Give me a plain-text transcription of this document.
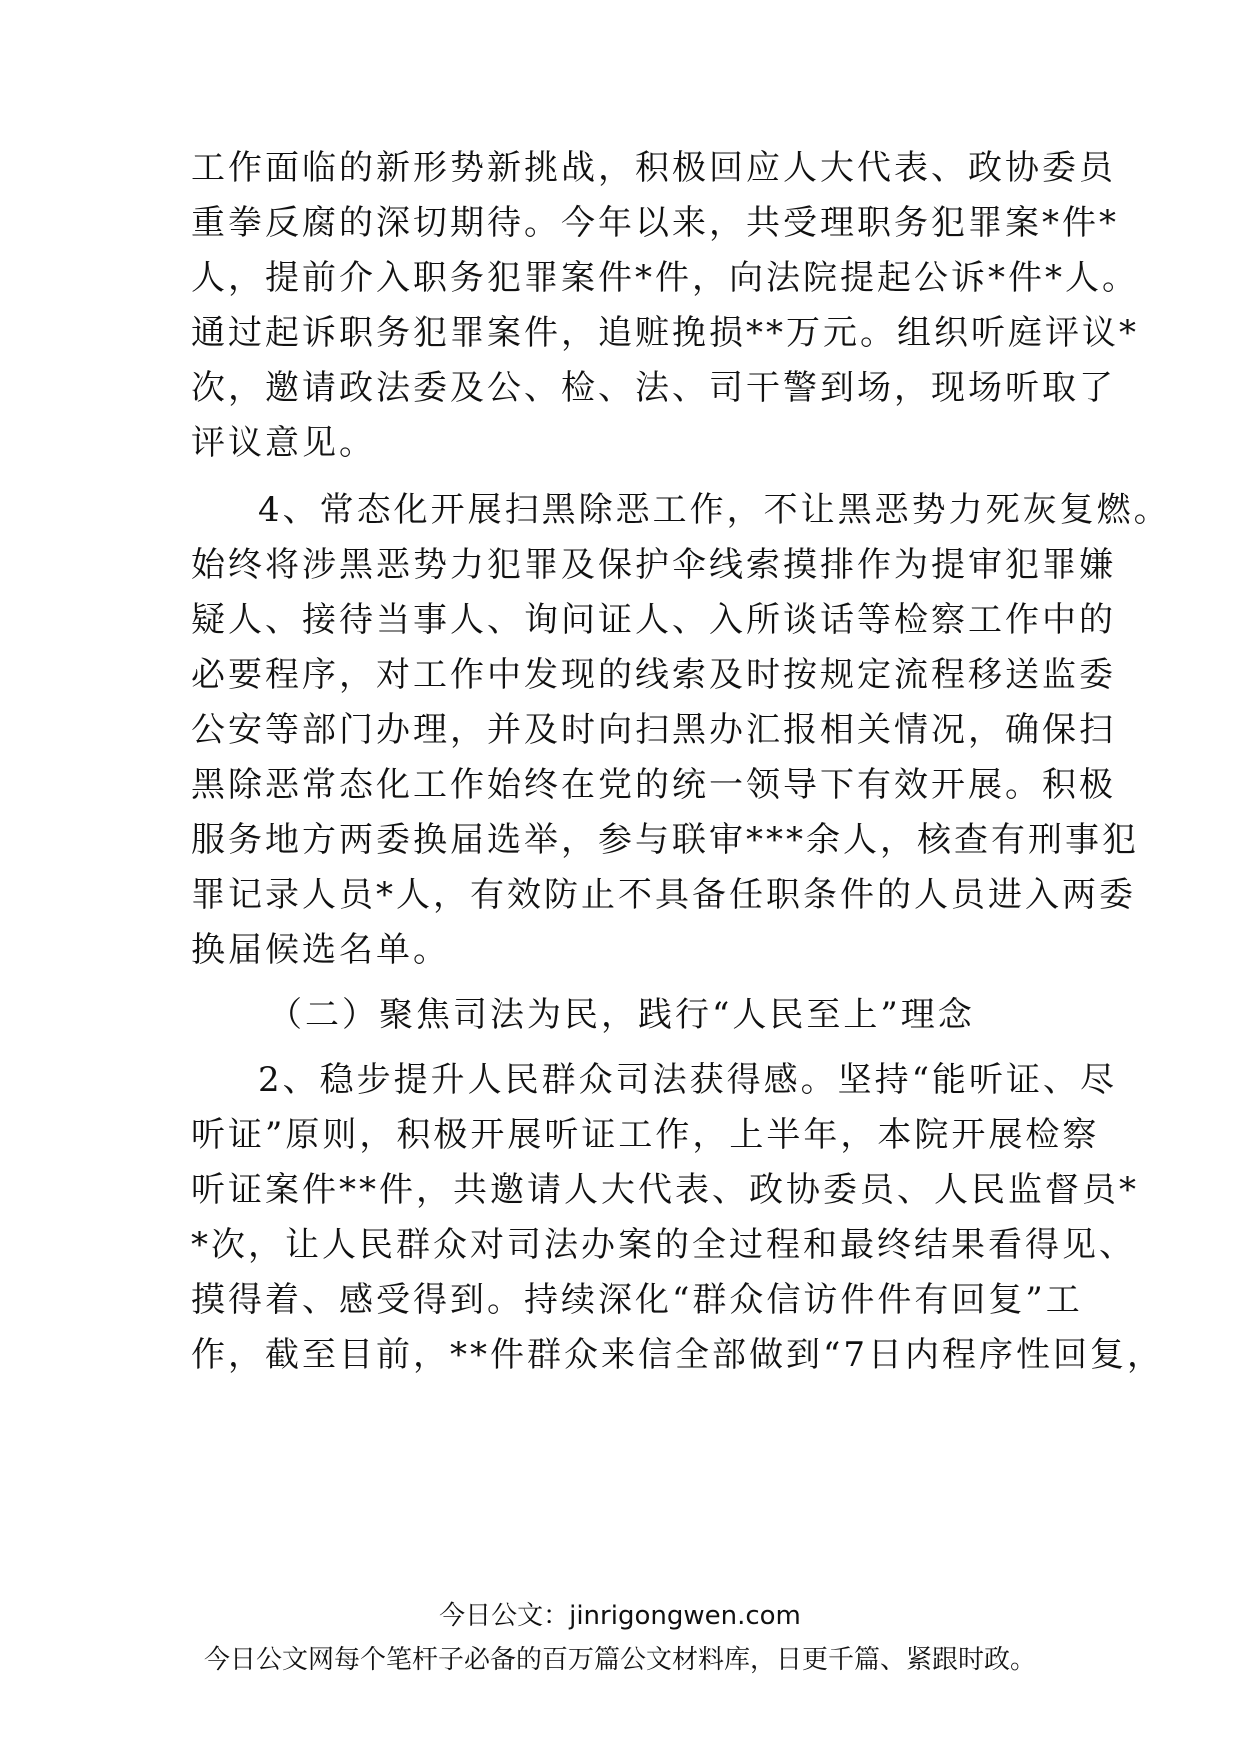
工作面临的新形势新挑战，积极回应人大代表、政协委员
重拳反腐的深切期待。今年以来，共受理职务犯罪案*件*
人，提前介入职务犯罪案件*件，向法院提起公诉*件*人。
通过起诉职务犯罪案件，追赃挽损**万元。组织听庭评议*
次，邀请政法委及公、检、法、司干警到场，现场听取了
评议意见。
4、常态化开展扫黑除恶工作，不让黑恶势力死灰复燃。
始终将涉黑恶势力犯罪及保护伞线索摸排作为提审犯罪嫌
疑人、接待当事人、询问证人、入所谈话等检察工作中的
必要程序，对工作中发现的线索及时按规定流程移送监委
公安等部门办理，并及时向扫黑办汇报相关情况，确保扫
黑除恶常态化工作始终在党的统一领导下有效开展。积极
服务地方两委换届选举，参与联审***余人，核查有刑事犯
罪记录人员*人，有效防止不具备任职条件的人员进入两委
换届候选名单。
（二）聚焦司法为民，践行“人民至上”理念
2、稳步提升人民群众司法获得感。坚持“能听证、尽
听证”原则，积极开展听证工作，上半年，本院开展检察
听证案件**件，共邀请人大代表、政协委员、人民监督员*
*次，让人民群众对司法办案的全过程和最终结果看得见、
摸得着、感受得到。持续深化“群众信访件件有回复”工
作，截至目前，**件群众来信全部做到“7日内程序性回复，
今日公文：jinrigongwen.com
今日公文网每个笔杆子必备的百万篇公文材料库，日更千篇、紧跟时政。
